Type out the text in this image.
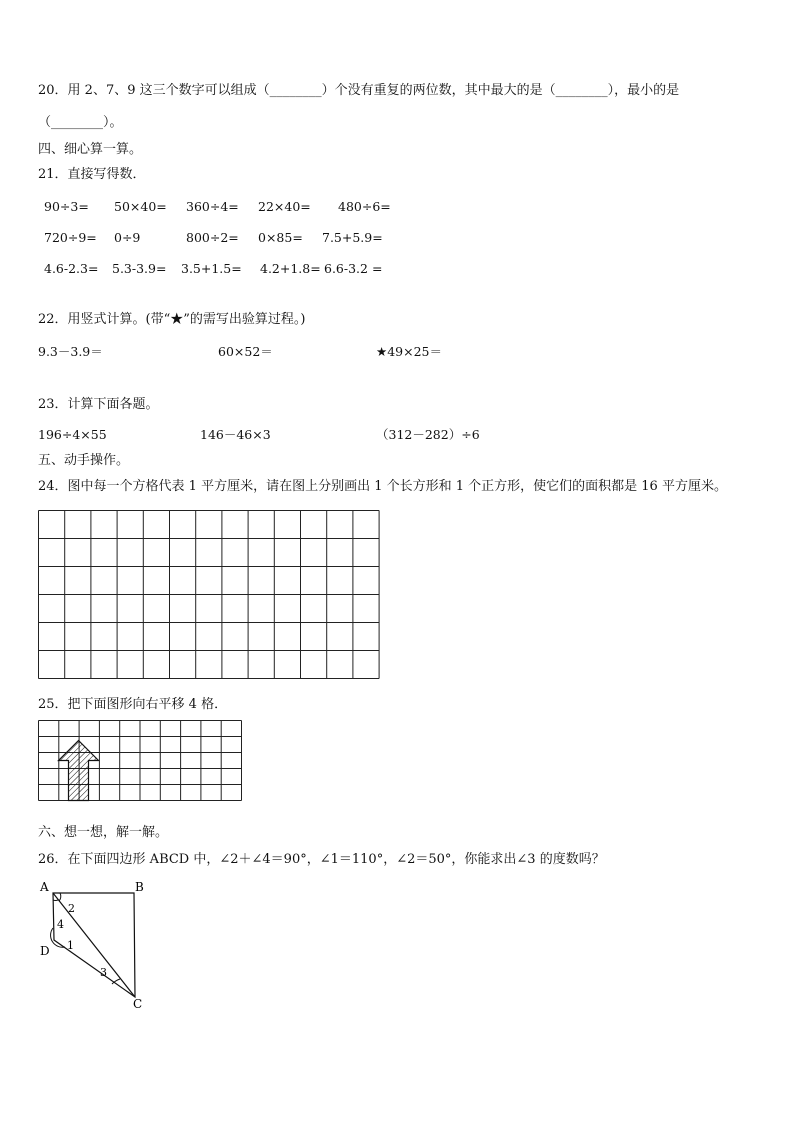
20．用 2、7、9 这三个数字可以组成（________）个没有重复的两位数，其中最大的是（________），最小的是
（________）。
四、细心算一算。
21．直接写得数．
90÷3= 50×40= 360÷4= 22×40= 480÷6=
720÷9= 0÷9	800÷2= 0×85= 7.5+5.9=
4.6-2.3= 5.3-3.9= 3.5+1.5= 4.2+1.8= 6.6-3.2 =
22．用竖式计算。(带“★”的需写出验算过程。)
9.3－3.9＝	60×52＝	★49×25＝
23．计算下面各题。
196÷4×55	146－46×3	（312－282）÷6
五、动手操作。
24．图中每一个方格代表 1 平方厘米，请在图上分别画出 1 个长方形和 1 个正方形，使它们的面积都是 16 平方厘米。
25．把下面图形向右平移 4 格．
六、想一想，解一解。
26．在下面四边形 ABCD 中，∠2＋∠4＝90°，∠1＝110°，∠2＝50°，你能求出∠3 的度数吗？
A	B
C
D
2
4
1
3
